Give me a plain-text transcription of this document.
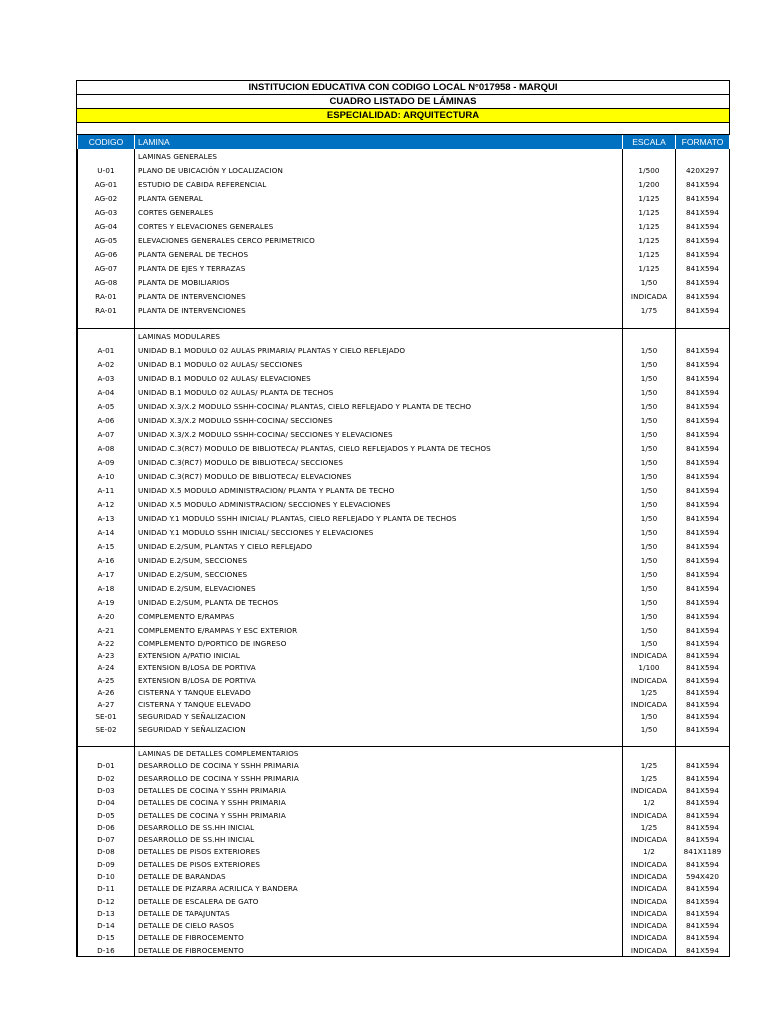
INSTITUCION EDUCATIVA CON CODIGO LOCAL N°017958 - MARQUI
CUADRO LISTADO DE LÁMINAS
ESPECIALIDAD: ARQUITECTURA
CODIGO	LAMINA	ESCALA	FORMATO
	LAMINAS GENERALES		
U-01	PLANO DE UBICACIÓN Y LOCALIZACION	1/500	420X297
AG-01	ESTUDIO DE CABIDA REFERENCIAL	1/200	841X594
AG-02	PLANTA GENERAL	1/125	841X594
AG-03	CORTES GENERALES	1/125	841X594
AG-04	CORTES Y ELEVACIONES GENERALES	1/125	841X594
AG-05	ELEVACIONES GENERALES CERCO PERIMETRICO	1/125	841X594
AG-06	PLANTA GENERAL DE TECHOS	1/125	841X594
AG-07	PLANTA DE EJES Y TERRAZAS	1/125	841X594
AG-08	PLANTA DE MOBILIARIOS	1/50	841X594
RA-01	PLANTA DE INTERVENCIONES	INDICADA	841X594
RA-01	PLANTA DE INTERVENCIONES	1/75	841X594

	LAMINAS MODULARES		
A-01	UNIDAD B.1 MODULO 02 AULAS PRIMARIA/ PLANTAS Y CIELO REFLEJADO	1/50	841X594
A-02	UNIDAD B.1 MODULO 02 AULAS/ SECCIONES	1/50	841X594
A-03	UNIDAD B.1 MODULO 02 AULAS/ ELEVACIONES	1/50	841X594
A-04	UNIDAD B.1 MODULO 02 AULAS/ PLANTA DE TECHOS	1/50	841X594
A-05	UNIDAD X.3/X.2 MODULO SSHH-COCINA/ PLANTAS, CIELO REFLEJADO Y PLANTA DE TECHO	1/50	841X594
A-06	UNIDAD X.3/X.2 MODULO SSHH-COCINA/ SECCIONES	1/50	841X594
A-07	UNIDAD X.3/X.2 MODULO SSHH-COCINA/ SECCIONES Y ELEVACIONES	1/50	841X594
A-08	UNIDAD C.3(RC7) MODULO DE BIBLIOTECA/ PLANTAS, CIELO REFLEJADOS Y PLANTA DE TECHOS	1/50	841X594
A-09	UNIDAD C.3(RC7) MODULO DE BIBLIOTECA/ SECCIONES	1/50	841X594
A-10	UNIDAD C.3(RC7) MODULO DE BIBLIOTECA/ ELEVACIONES	1/50	841X594
A-11	UNIDAD X.5 MODULO ADMINISTRACION/ PLANTA Y PLANTA DE TECHO	1/50	841X594
A-12	UNIDAD X.5 MODULO ADMINISTRACION/ SECCIONES Y ELEVACIONES	1/50	841X594
A-13	UNIDAD Y.1 MODULO SSHH INICIAL/ PLANTAS, CIELO REFLEJADO Y PLANTA DE TECHOS	1/50	841X594
A-14	UNIDAD Y.1 MODULO SSHH INICIAL/ SECCIONES Y ELEVACIONES	1/50	841X594
A-15	UNIDAD E.2/SUM, PLANTAS Y CIELO REFLEJADO	1/50	841X594
A-16	UNIDAD E.2/SUM, SECCIONES	1/50	841X594
A-17	UNIDAD E.2/SUM, SECCIONES	1/50	841X594
A-18	UNIDAD E.2/SUM, ELEVACIONES	1/50	841X594
A-19	UNIDAD E.2/SUM, PLANTA DE TECHOS	1/50	841X594
A-20	COMPLEMENTO E/RAMPAS	1/50	841X594
A-21	COMPLEMENTO E/RAMPAS Y ESC EXTERIOR	1/50	841X594
A-22	COMPLEMENTO D/PORTICO DE INGRESO	1/50	841X594
A-23	EXTENSION A/PATIO INICIAL	INDICADA	841X594
A-24	EXTENSION B/LOSA DE PORTIVA	1/100	841X594
A-25	EXTENSION B/LOSA DE PORTIVA	INDICADA	841X594
A-26	CISTERNA Y TANQUE ELEVADO	1/25	841X594
A-27	CISTERNA Y TANQUE ELEVADO	INDICADA	841X594
SE-01	SEGURIDAD Y SEÑALIZACION	1/50	841X594
SE-02	SEGURIDAD Y SEÑALIZACION	1/50	841X594

	LAMINAS DE DETALLES COMPLEMENTARIOS		
D-01	DESARROLLO DE COCINA Y SSHH PRIMARIA	1/25	841X594
D-02	DESARROLLO DE COCINA Y SSHH PRIMARIA	1/25	841X594
D-03	DETALLES DE COCINA Y SSHH PRIMARIA	INDICADA	841X594
D-04	DETALLES DE COCINA Y SSHH PRIMARIA	1/2	841X594
D-05	DETALLES DE COCINA Y SSHH PRIMARIA	INDICADA	841X594
D-06	DESARROLLO DE SS.HH INICIAL	1/25	841X594
D-07	DESARROLLO DE SS.HH INICIAL	INDICADA	841X594
D-08	DETALLES DE PISOS EXTERIORES	1/2	841X1189
D-09	DETALLES DE PISOS EXTERIORES	INDICADA	841X594
D-10	DETALLE DE BARANDAS	INDICADA	594X420
D-11	DETALLE DE PIZARRA ACRILICA Y BANDERA	INDICADA	841X594
D-12	DETALLE DE ESCALERA DE GATO	INDICADA	841X594
D-13	DETALLE DE TAPAJUNTAS	INDICADA	841X594
D-14	DETALLE DE CIELO RASOS	INDICADA	841X594
D-15	DETALLE DE FIBROCEMENTO	INDICADA	841X594
D-16	DETALLE DE FIBROCEMENTO	INDICADA	841X594
